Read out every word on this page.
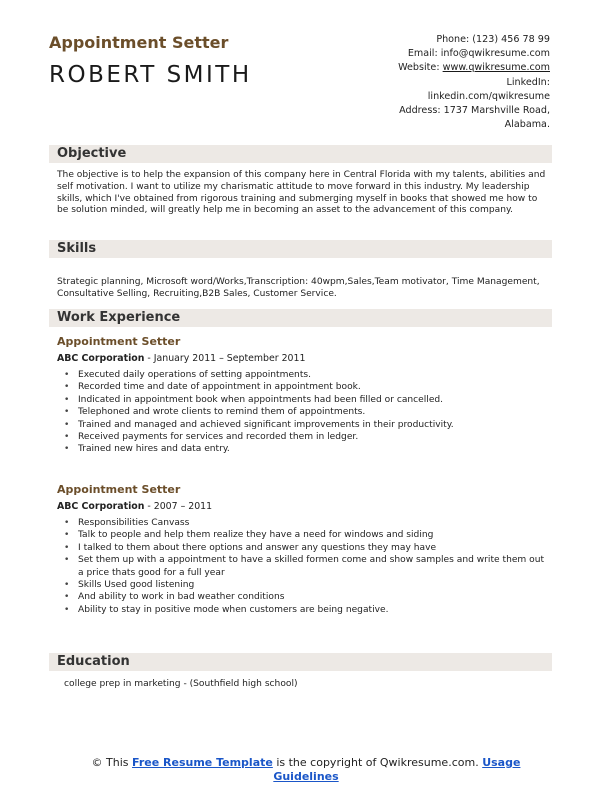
Appointment Setter
ROBERT SMITH
Phone: (123) 456 78 99
Email: info@qwikresume.com
Website: www.qwikresume.com
LinkedIn:
linkedin.com/qwikresume
Address: 1737 Marshville Road,
Alabama.
Objective
The objective is to help the expansion of this company here in Central Florida with my talents, abilities and self motivation. I want to utilize my charismatic attitude to move forward in this industry. My leadership skills, which I've obtained from rigorous training and submerging myself in books that showed me how to be solution minded, will greatly help me in becoming an asset to the advancement of this company.
Skills
Strategic planning, Microsoft word/Works,Transcription: 40wpm,Sales,Team motivator, Time Management, Consultative Selling, Recruiting,B2B Sales, Customer Service.
Work Experience
Appointment Setter
ABC Corporation - January 2011 – September 2011
• Executed daily operations of setting appointments.
• Recorded time and date of appointment in appointment book.
• Indicated in appointment book when appointments had been filled or cancelled.
• Telephoned and wrote clients to remind them of appointments.
• Trained and managed and achieved significant improvements in their productivity.
• Received payments for services and recorded them in ledger.
• Trained new hires and data entry.
Appointment Setter
ABC Corporation - 2007 – 2011
• Responsibilities Canvass
• Talk to people and help them realize they have a need for windows and siding
• I talked to them about there options and answer any questions they may have
• Set them up with a appointment to have a skilled formen come and show samples and write them out a price thats good for a full year
• Skills Used good listening
• And ability to work in bad weather conditions
• Ability to stay in positive mode when customers are being negative.
Education
college prep in marketing - (Southfield high school)
© This Free Resume Template is the copyright of Qwikresume.com. Usage Guidelines
